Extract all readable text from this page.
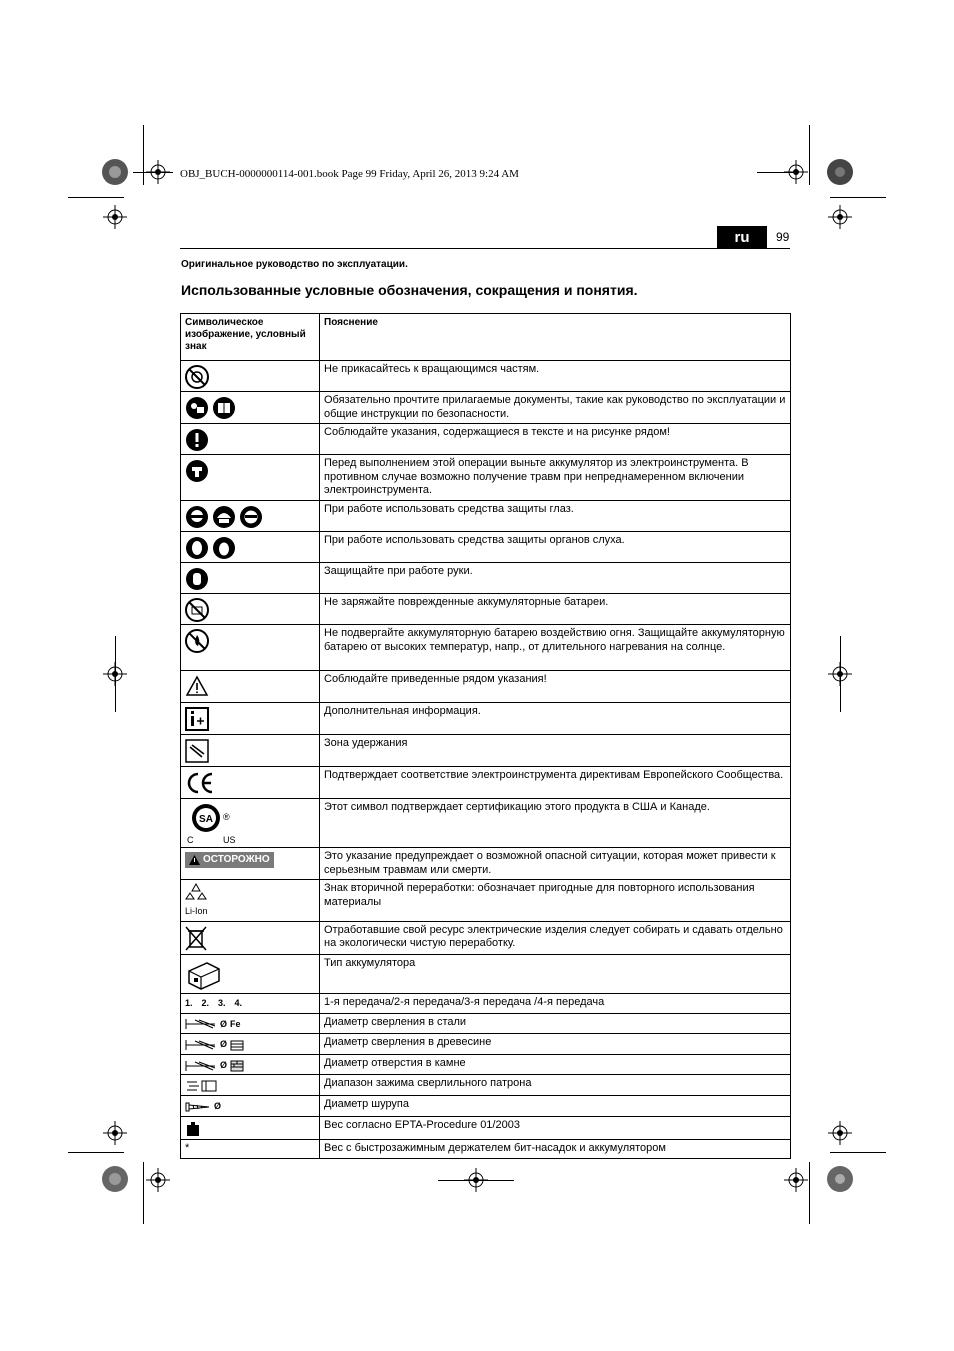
OBJ_BUCH-0000000114-001.book Page 99 Friday, April 26, 2013 9:24 AM
ru	99
Оригинальное руководство по эксплуатации.
Использованные условные обозначения, сокращения и понятия.
Символическое изображение, условный знак	Пояснение

	Не прикасайтесь к вращающимся частям.

	Обязательно прочтите прилагаемые документы, такие как руководство по эксплуатации и общие инструкции по безопасности.

	Соблюдайте указания, содержащиеся в тексте и на рисунке рядом!

	Перед выполнением этой операции выньте аккумулятор из электроинструмента. В противном случае возможно получение травм при непреднамеренном включении электроинструмента.

	При работе использовать средства защиты глаз.

	При работе использовать средства защиты органов слуха.

	Защищайте при работе руки.

	Не заряжайте поврежденные аккумуляторные батареи.

	Не подвергайте аккумуляторную батарею воздействию огня. Защищайте аккумуляторную батарею от высоких температур, напр., от длительного нагревания на солнце.

	Соблюдайте приведенные рядом указания!

	Дополнительная информация.

	Зона удержания

	Подтверждает соответствие электроинструмента директивам Европейского Сообщества.

SA ®
C US	Этот символ подтверждает сертификацию этого продукта в США и Канаде.

ОСТОРОЖНО	Это указание предупреждает о возможной опасной ситуации, которая может привести к серьезным травмам или смерти.

Li-Ion	Знак вторичной переработки: обозначает пригодные для повторного использования материалы

	Отработавшие свой ресурс электрические изделия следует собирать и сдавать отдельно на экологически чистую переработку.

	Тип аккумулятора

1. 2. 3. 4.	1-я передача/2-я передача/3-я передача /4-я передача

Ø Fe	Диаметр сверления в стали

Ø	Диаметр сверления в древесине

Ø	Диаметр отверстия в камне

	Диапазон зажима сверлильного патрона

Ø	Диаметр шурупа

	Вес согласно EPTA-Procedure 01/2003
*	Вес с быстрозажимным держателем бит-насадок и аккумулятором
